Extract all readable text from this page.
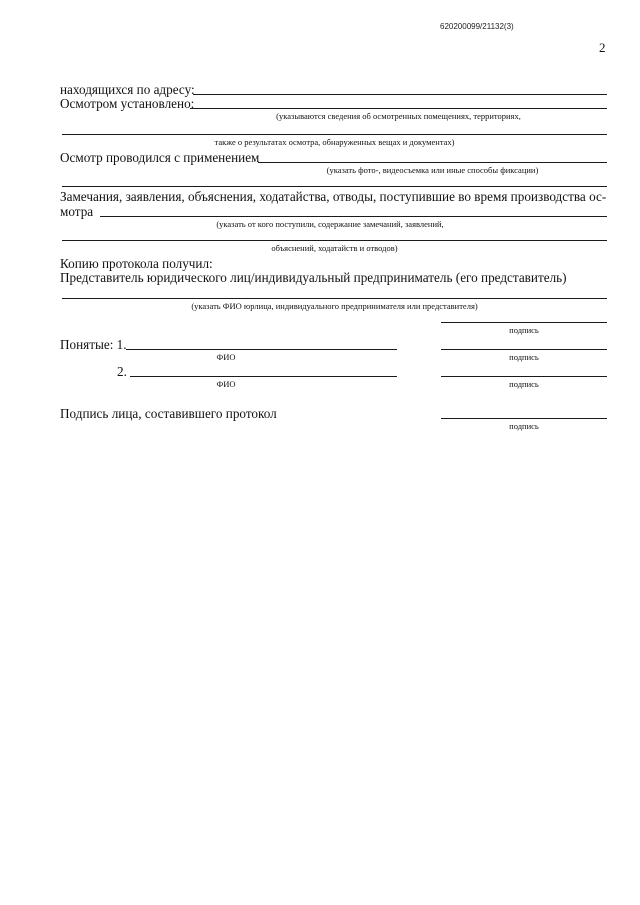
620200099/21132(3)
2
находящихся по адресу:
Осмотром установлено:
(указываются сведения об осмотренных помещениях, территориях,
также о результатах осмотра, обнаруженных вещах и документах)
Осмотр проводился с применением
(указать фото-, видеосъемка или иные способы фиксации)
Замечания, заявления, объяснения, ходатайства, отводы, поступившие во время производства ос-
мотра
(указать от кого поступили, содержание замечаний, заявлений,
объяснений, ходатайств и отводов)
Копию протокола получил:
Представитель юридического лиц/индивидуальный предприниматель (его представитель)
(указать ФИО юрлица, индивидуального предпринимателя или представителя)
подпись
Понятые: 1.
ФИО	подпись
2.
ФИО	подпись
Подпись лица, составившего протокол
подпись
